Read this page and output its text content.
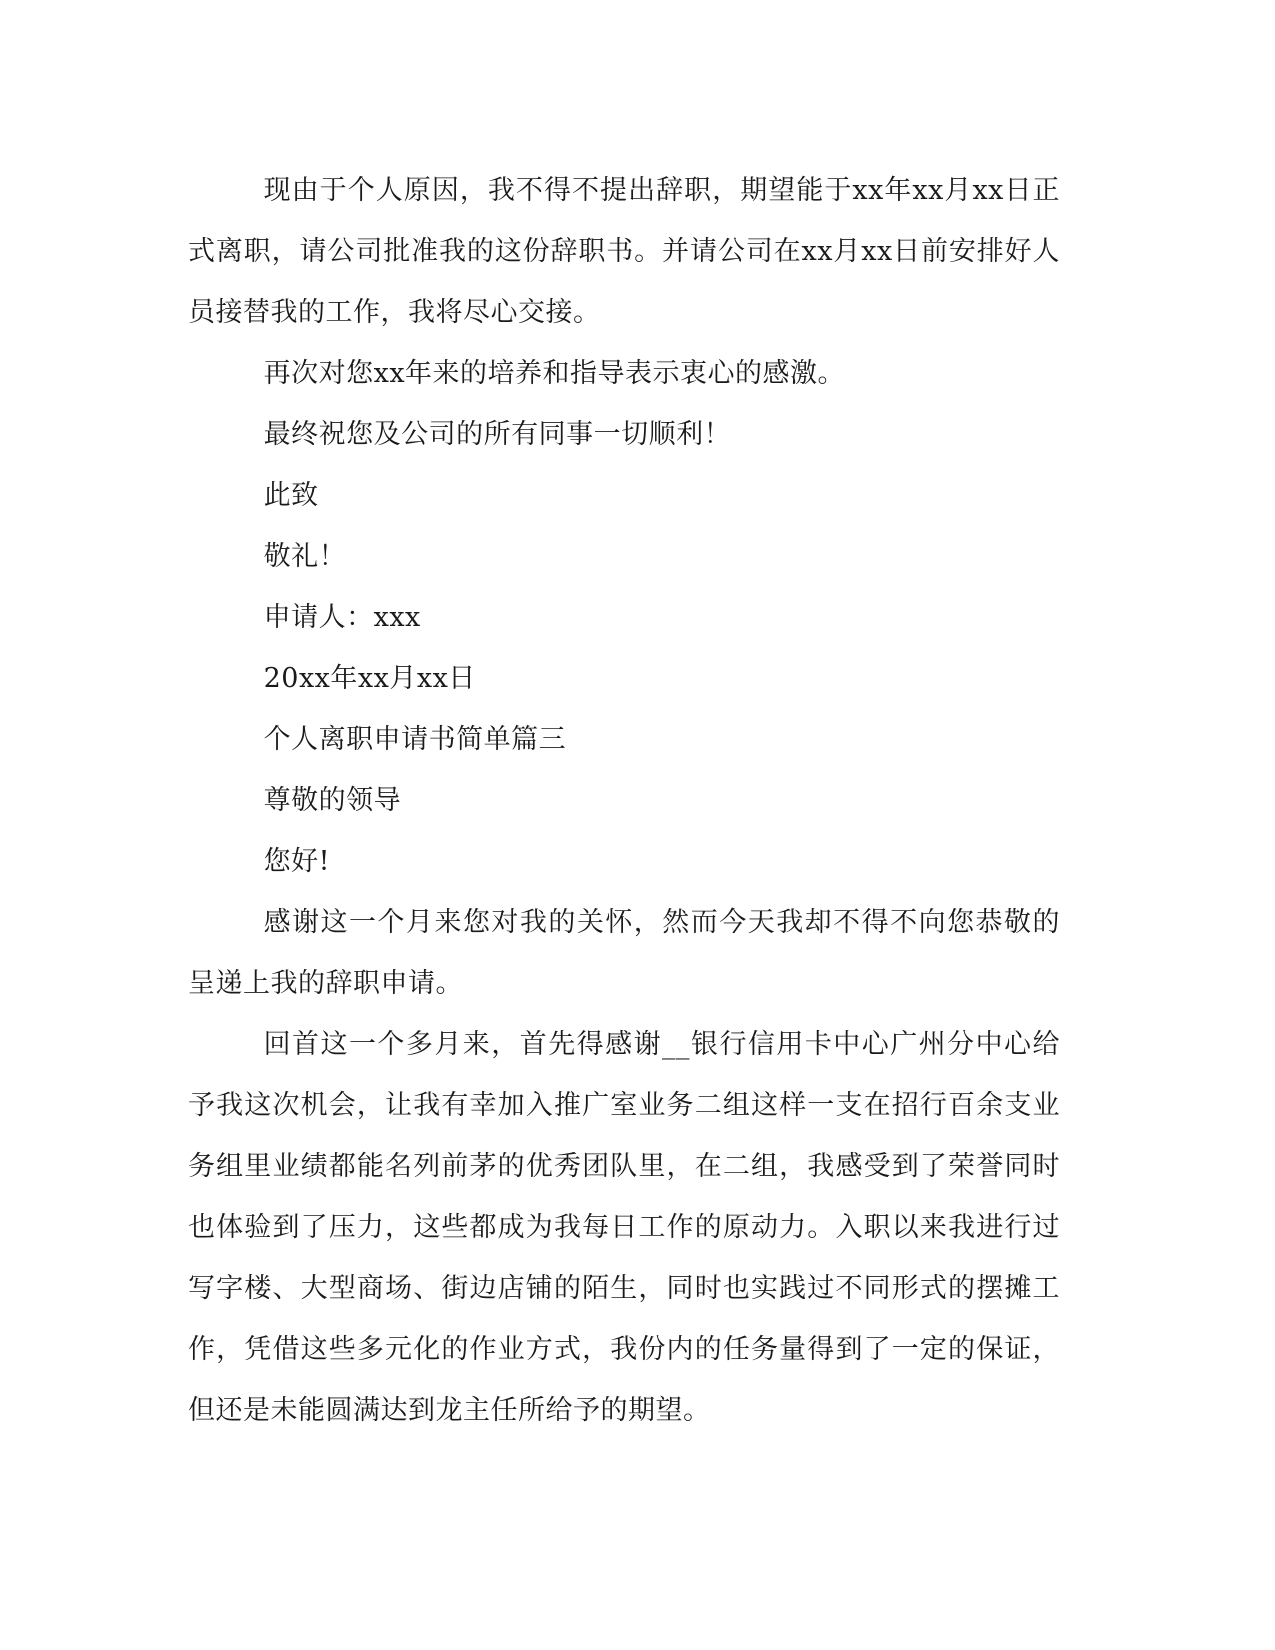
现由于个人原因，我不得不提出辞职，期望能于xx年xx月xx日正式离职，请公司批准我的这份辞职书。并请公司在xx月xx日前安排好人员接替我的工作，我将尽心交接。

再次对您xx年来的培养和指导表示衷心的感激。

最终祝您及公司的所有同事一切顺利！

此致

敬礼！

申请人：xxx

20xx年xx月xx日

个人离职申请书简单篇三

尊敬的领导

您好!

感谢这一个月来您对我的关怀，然而今天我却不得不向您恭敬的呈递上我的辞职申请。

回首这一个多月来，首先得感谢__银行信用卡中心广州分中心给予我这次机会，让我有幸加入推广室业务二组这样一支在招行百余支业务组里业绩都能名列前茅的优秀团队里，在二组，我感受到了荣誉同时也体验到了压力，这些都成为我每日工作的原动力。入职以来我进行过写字楼、大型商场、街边店铺的陌生，同时也实践过不同形式的摆摊工作，凭借这些多元化的作业方式，我份内的任务量得到了一定的保证，但还是未能圆满达到龙主任所给予的期望。
